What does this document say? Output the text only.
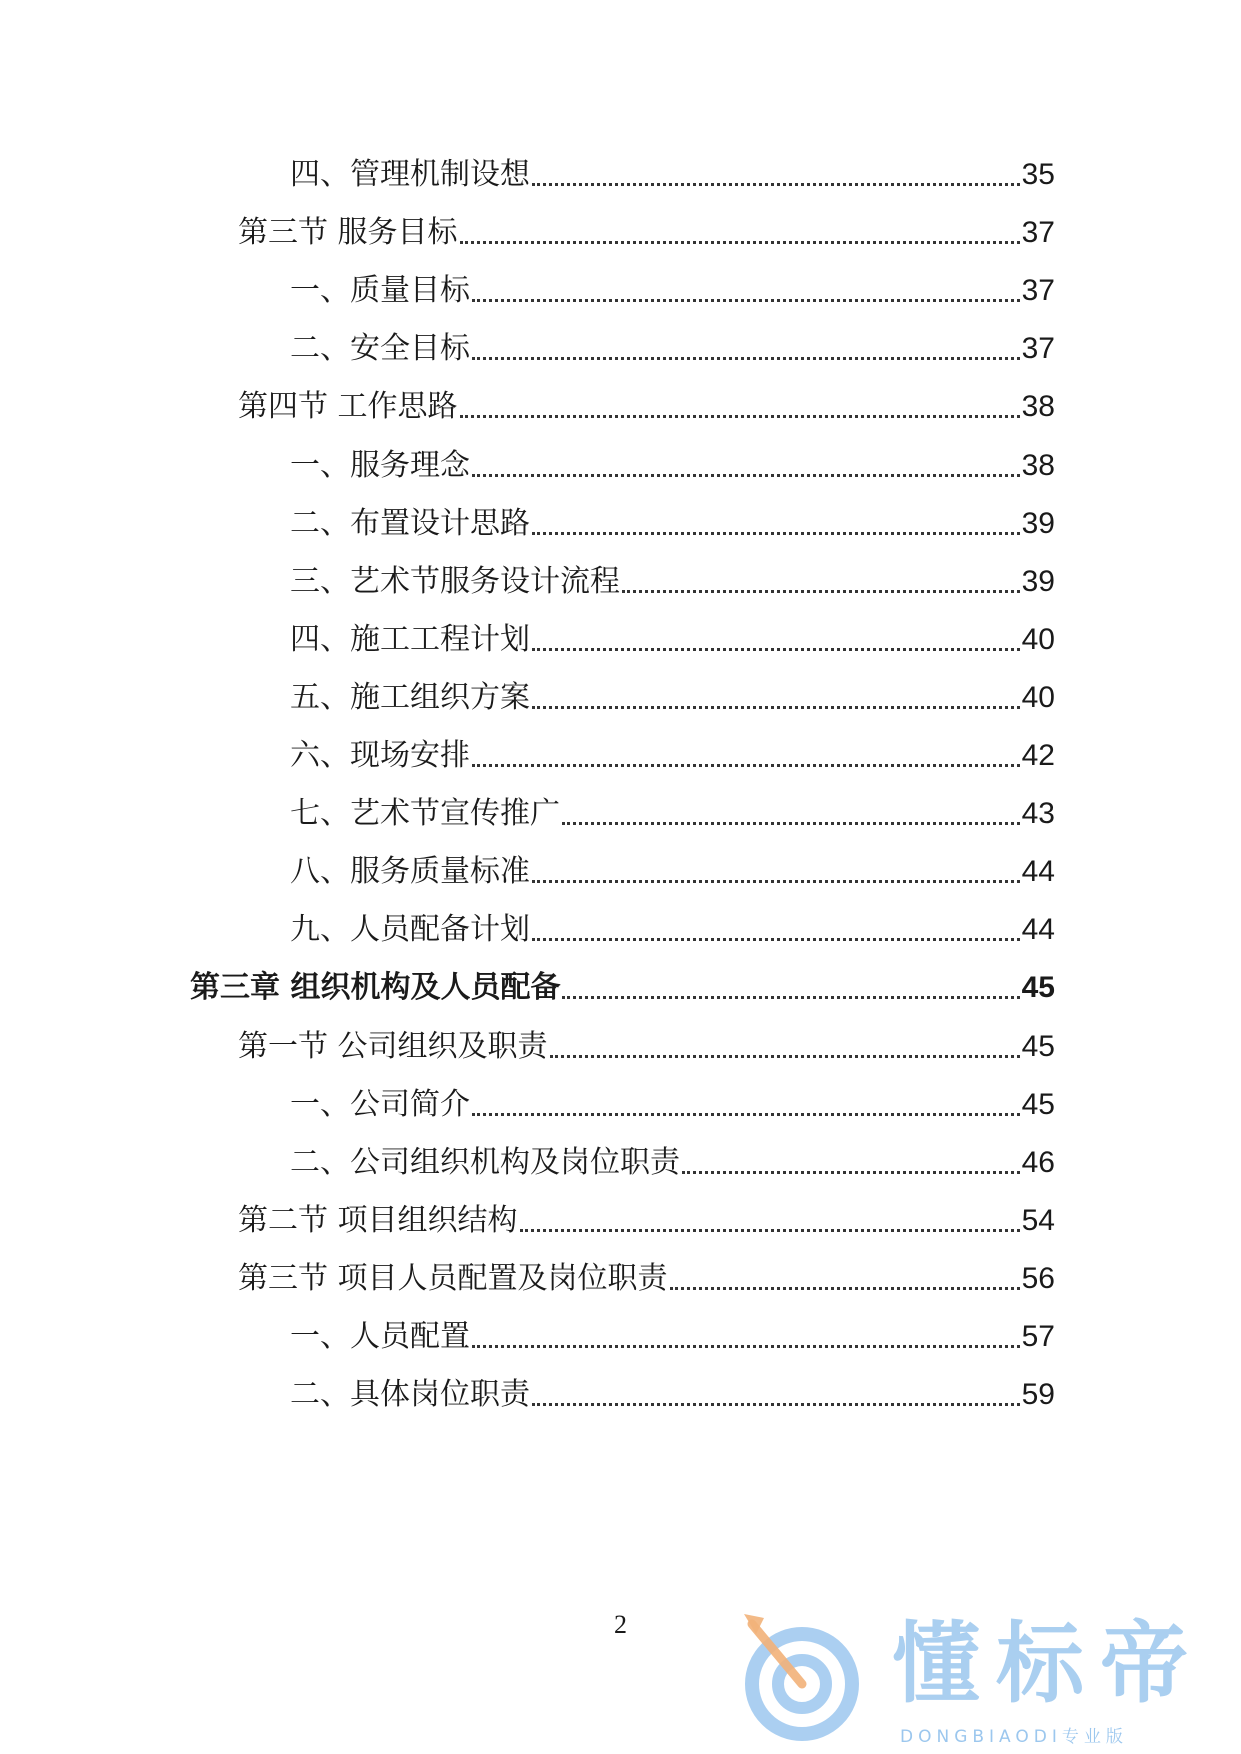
四、管理机制设想	35
第三节 服务目标	37
一、质量目标	37
二、安全目标	37
第四节 工作思路	38
一、服务理念	38
二、布置设计思路	39
三、艺术节服务设计流程	39
四、施工工程计划	40
五、施工组织方案	40
六、现场安排	42
七、艺术节宣传推广	43
八、服务质量标准	44
九、人员配备计划	44
第三章 组织机构及人员配备	45
第一节 公司组织及职责	45
一、公司简介	45
二、公司组织机构及岗位职责	46
第二节 项目组织结构	54
第三节 项目人员配置及岗位职责	56
一、人员配置	57
二、具体岗位职责	59
2	懂标帝
DONGBIAODI专业版
